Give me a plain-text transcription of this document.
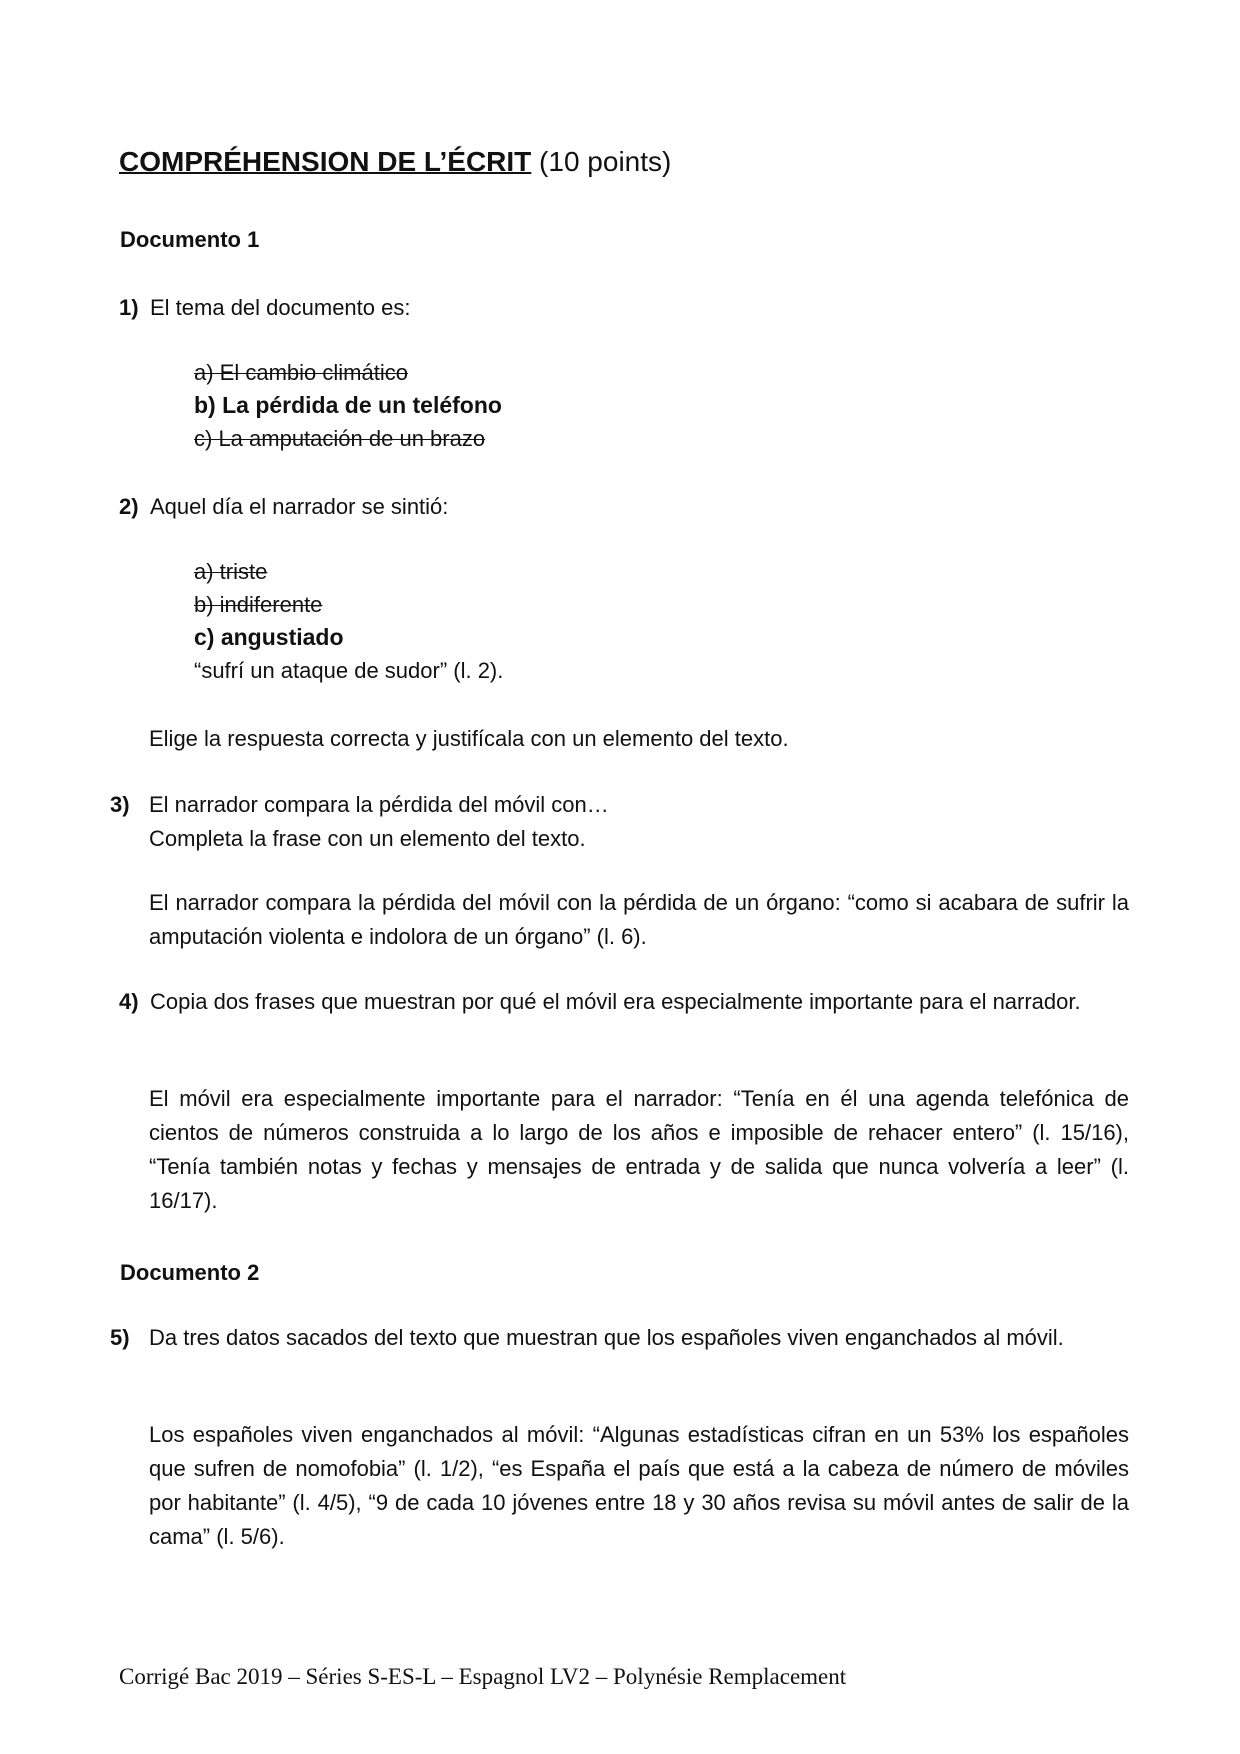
COMPRÉHENSION DE L’ÉCRIT (10 points)
Documento 1
1) El tema del documento es:
a) El cambio climático
b) La pérdida de un teléfono
c) La amputación de un brazo
2) Aquel día el narrador se sintió:
a) triste
b) indiferente
c) angustiado
“sufrí un ataque de sudor” (l. 2).
Elige la respuesta correcta y justifícala con un elemento del texto.
3) El narrador compara la pérdida del móvil con…
Completa la frase con un elemento del texto.
El narrador compara la pérdida del móvil con la pérdida de un órgano: “como si acabara de sufrir la amputación violenta e indolora de un órgano” (l. 6).
4) Copia dos frases que muestran por qué el móvil era especialmente importante para el narrador.
El móvil era especialmente importante para el narrador: “Tenía en él una agenda telefónica de cientos de números construida a lo largo de los años e imposible de rehacer entero” (l. 15/16), “Tenía también notas y fechas y mensajes de entrada y de salida que nunca volvería a leer” (l. 16/17).
Documento 2
5) Da tres datos sacados del texto que muestran que los españoles viven enganchados al móvil.
Los españoles viven enganchados al móvil: “Algunas estadísticas cifran en un 53% los españoles que sufren de nomofobia” (l. 1/2), “es España el país que está a la cabeza de número de móviles por habitante” (l. 4/5), “9 de cada 10 jóvenes entre 18 y 30 años revisa su móvil antes de salir de la cama” (l. 5/6).
Corrigé Bac 2019 – Séries S-ES-L – Espagnol LV2 – Polynésie Remplacement
